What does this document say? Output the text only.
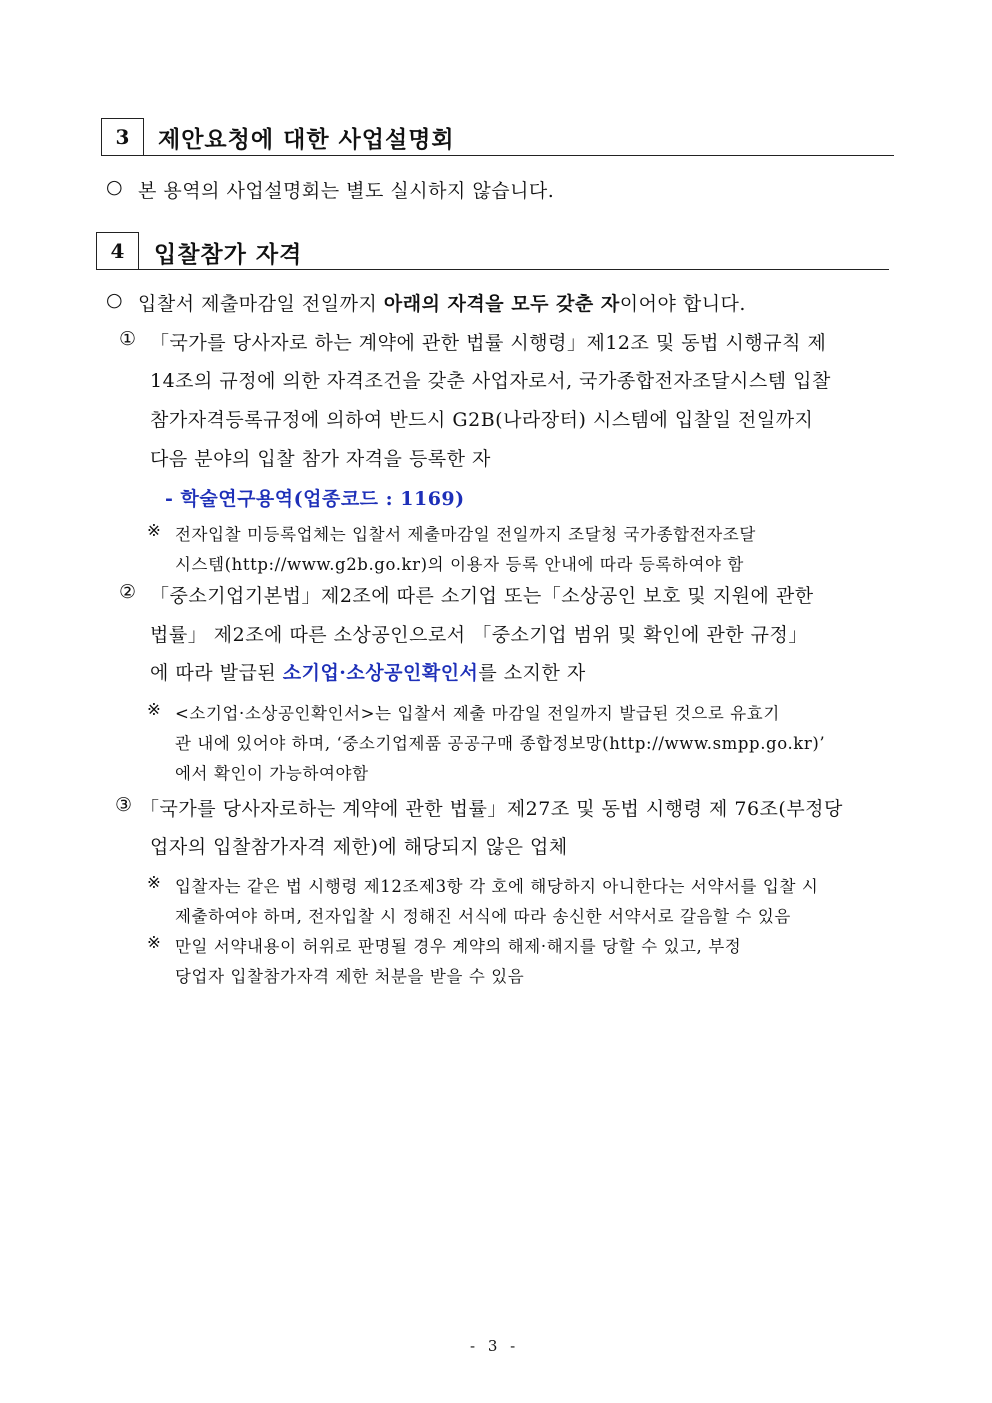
3 제안요청에 대한 사업설명회
○ 본 용역의 사업설명회는 별도 실시하지 않습니다.
4 입찰참가 자격
○ 입찰서 제출마감일 전일까지 아래의 자격을 모두 갖춘 자이어야 합니다.
① 「국가를 당사자로 하는 계약에 관한 법률 시행령」제12조 및 동법 시행규칙 제
14조의 규정에 의한 자격조건을 갖춘 사업자로서, 국가종합전자조달시스템 입찰
참가자격등록규정에 의하여 반드시 G2B(나라장터) 시스템에 입찰일 전일까지
다음 분야의 입찰 참가 자격을 등록한 자
- 학술연구용역(업종코드 : 1169)
※ 전자입찰 미등록업체는 입찰서 제출마감일 전일까지 조달청 국가종합전자조달
시스템(http://www.g2b.go.kr)의 이용자 등록 안내에 따라 등록하여야 함
② 「중소기업기본법」제2조에 따른 소기업 또는「소상공인 보호 및 지원에 관한
법률」 제2조에 따른 소상공인으로서 「중소기업 범위 및 확인에 관한 규정」
에 따라 발급된 소기업·소상공인확인서를 소지한 자
※ <소기업·소상공인확인서>는 입찰서 제출 마감일 전일까지 발급된 것으로 유효기
관 내에 있어야 하며, ‘중소기업제품 공공구매 종합정보망(http://www.smpp.go.kr)’
에서 확인이 가능하여야함
③ 「국가를 당사자로하는 계약에 관한 법률」제27조 및 동법 시행령 제 76조(부정당
업자의 입찰참가자격 제한)에 해당되지 않은 업체
※ 입찰자는 같은 법 시행령 제12조제3항 각 호에 해당하지 아니한다는 서약서를 입찰 시
제출하여야 하며, 전자입찰 시 정해진 서식에 따라 송신한 서약서로 갈음할 수 있음
※ 만일 서약내용이 허위로 판명될 경우 계약의 해제·해지를 당할 수 있고, 부정
당업자 입찰참가자격 제한 처분을 받을 수 있음
- 3 -
